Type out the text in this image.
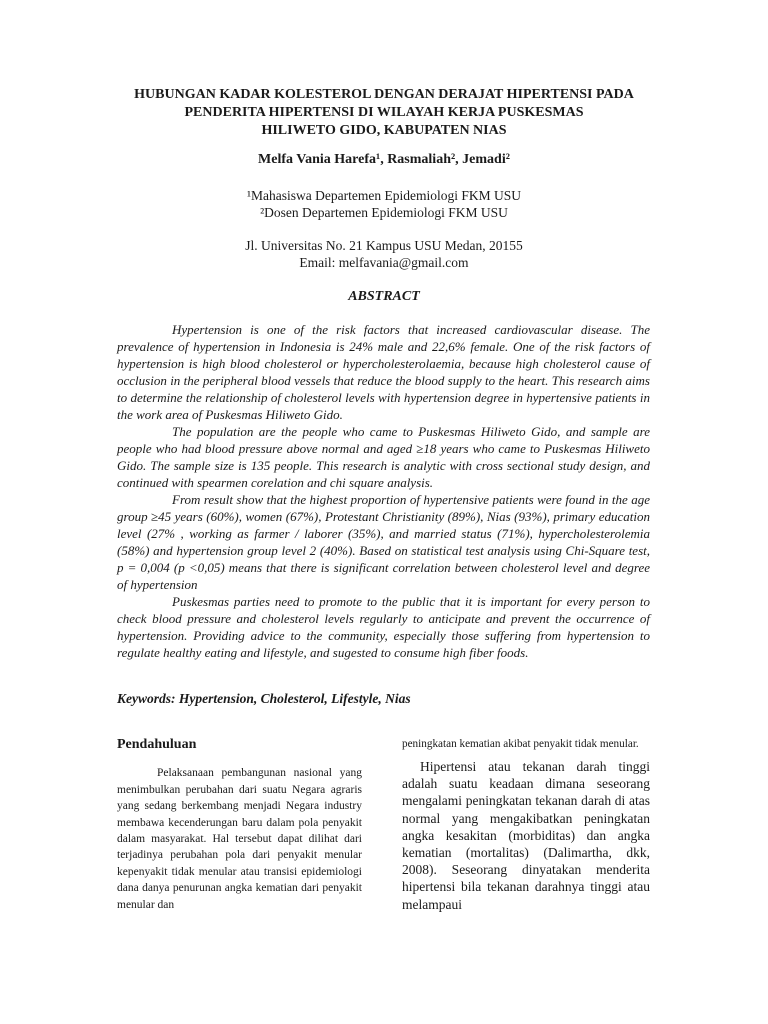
HUBUNGAN KADAR KOLESTEROL DENGAN DERAJAT HIPERTENSI PADA
PENDERITA HIPERTENSI DI WILAYAH KERJA PUSKESMAS
HILIWETO GIDO, KABUPATEN NIAS
Melfa Vania Harefa¹, Rasmaliah², Jemadi²
¹Mahasiswa Departemen Epidemiologi FKM USU
²Dosen Departemen Epidemiologi FKM USU
Jl. Universitas No. 21 Kampus USU Medan, 20155
Email: melfavania@gmail.com
ABSTRACT

Hypertension is one of the risk factors that increased cardiovascular disease. The prevalence of hypertension in Indonesia is 24% male and 22,6% female. One of the risk factors of hypertension is high blood cholesterol or hypercholesterolaemia, because high cholesterol cause of occlusion in the peripheral blood vessels that reduce the blood supply to the heart. This research aims to determine the relationship of cholesterol levels with hypertension degree in hypertensive patients in the work area of Puskesmas Hiliweto Gido.

The population are the people who came to Puskesmas Hiliweto Gido, and sample are people who had blood pressure above normal and aged ≥18 years who came to Puskesmas Hiliweto Gido. The sample size is 135 people. This research is analytic with cross sectional study design, and continued with spearmen corelation and chi square analysis.

From result show that the highest proportion of hypertensive patients were found in the age group ≥45 years (60%), women (67%), Protestant Christianity (89%), Nias (93%), primary education level (27% , working as farmer / laborer (35%), and married status (71%), hypercholesterolemia (58%) and hypertension group level 2 (40%). Based on statistical test analysis using Chi-Square test, p = 0,004 (p <0,05) means that there is significant correlation between cholesterol level and degree of hypertension

Puskesmas parties need to promote to the public that it is important for every person to check blood pressure and cholesterol levels regularly to anticipate and prevent the occurrence of hypertension. Providing advice to the community, especially those suffering from hypertension to regulate healthy eating and lifestyle, and sugested to consume high fiber foods.

Keywords: Hypertension, Cholesterol, Lifestyle, Nias
Pendahuluan

Pelaksanaan pembangunan nasional yang menimbulkan perubahan dari suatu Negara agraris yang sedang berkembang menjadi Negara industry membawa kecenderungan baru dalam pola penyakit dalam masyarakat. Hal tersebut dapat dilihat dari terjadinya perubahan pola dari penyakit menular kepenyakit tidak menular atau transisi epidemiologi dana danya penurunan angka kematian dari penyakit menular dan

peningkatan kematian akibat penyakit tidak menular.

Hipertensi atau tekanan darah tinggi adalah suatu keadaan dimana seseorang mengalami peningkatan tekanan darah di atas normal yang mengakibatkan peningkatan angka kesakitan (morbiditas) dan angka kematian (mortalitas) (Dalimartha, dkk, 2008). Seseorang dinyatakan menderita hipertensi bila tekanan darahnya tinggi atau melampaui
